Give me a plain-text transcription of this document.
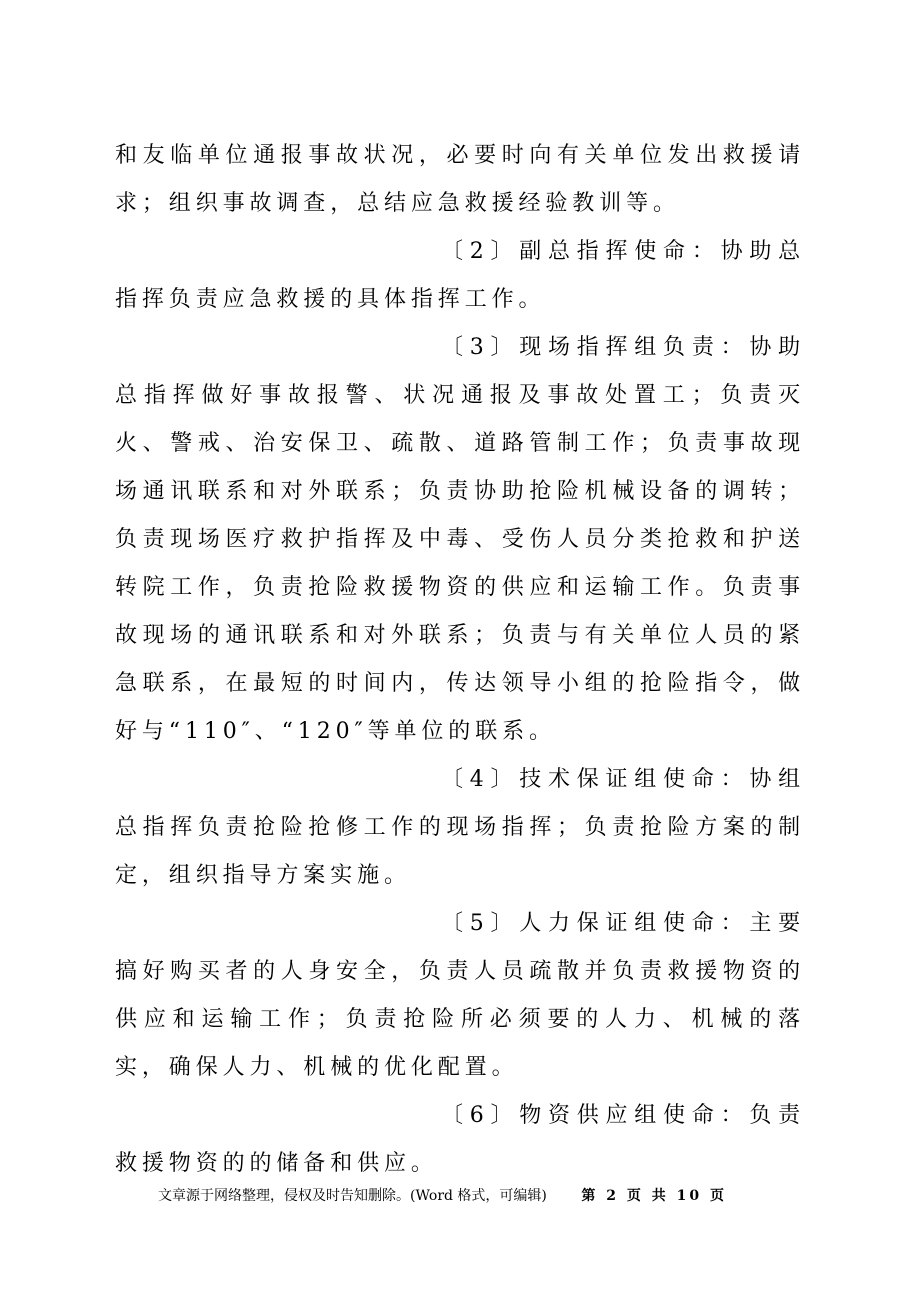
和友临单位通报事故状况，必要时向有关单位发出救援请求；组织事故调查，总结应急救援经验教训等。

〔2〕副总指挥使命：协助总指挥负责应急救援的具体指挥工作。

〔3〕现场指挥组负责：协助总指挥做好事故报警、状况通报及事故处置工；负责灭火、警戒、治安保卫、疏散、道路管制工作；负责事故现场通讯联系和对外联系；负责协助抢险机械设备的调转；负责现场医疗救护指挥及中毒、受伤人员分类抢救和护送转院工作，负责抢险救援物资的供应和运输工作。负责事故现场的通讯联系和对外联系；负责与有关单位人员的紧急联系，在最短的时间内，传达领导小组的抢险指令，做好与“110″、“120″等单位的联系。

〔4〕技术保证组使命：协组总指挥负责抢险抢修工作的现场指挥；负责抢险方案的制定，组织指导方案实施。

〔5〕人力保证组使命：主要搞好购买者的人身安全，负责人员疏散并负责救援物资的供应和运输工作；负责抢险所必须要的人力、机械的落实，确保人力、机械的优化配置。

〔6〕物资供应组使命：负责救援物资的的储备和供应。

文章源于网络整理，侵权及时告知删除。(Word 格式，可编辑) 第 2 页 共 10 页
